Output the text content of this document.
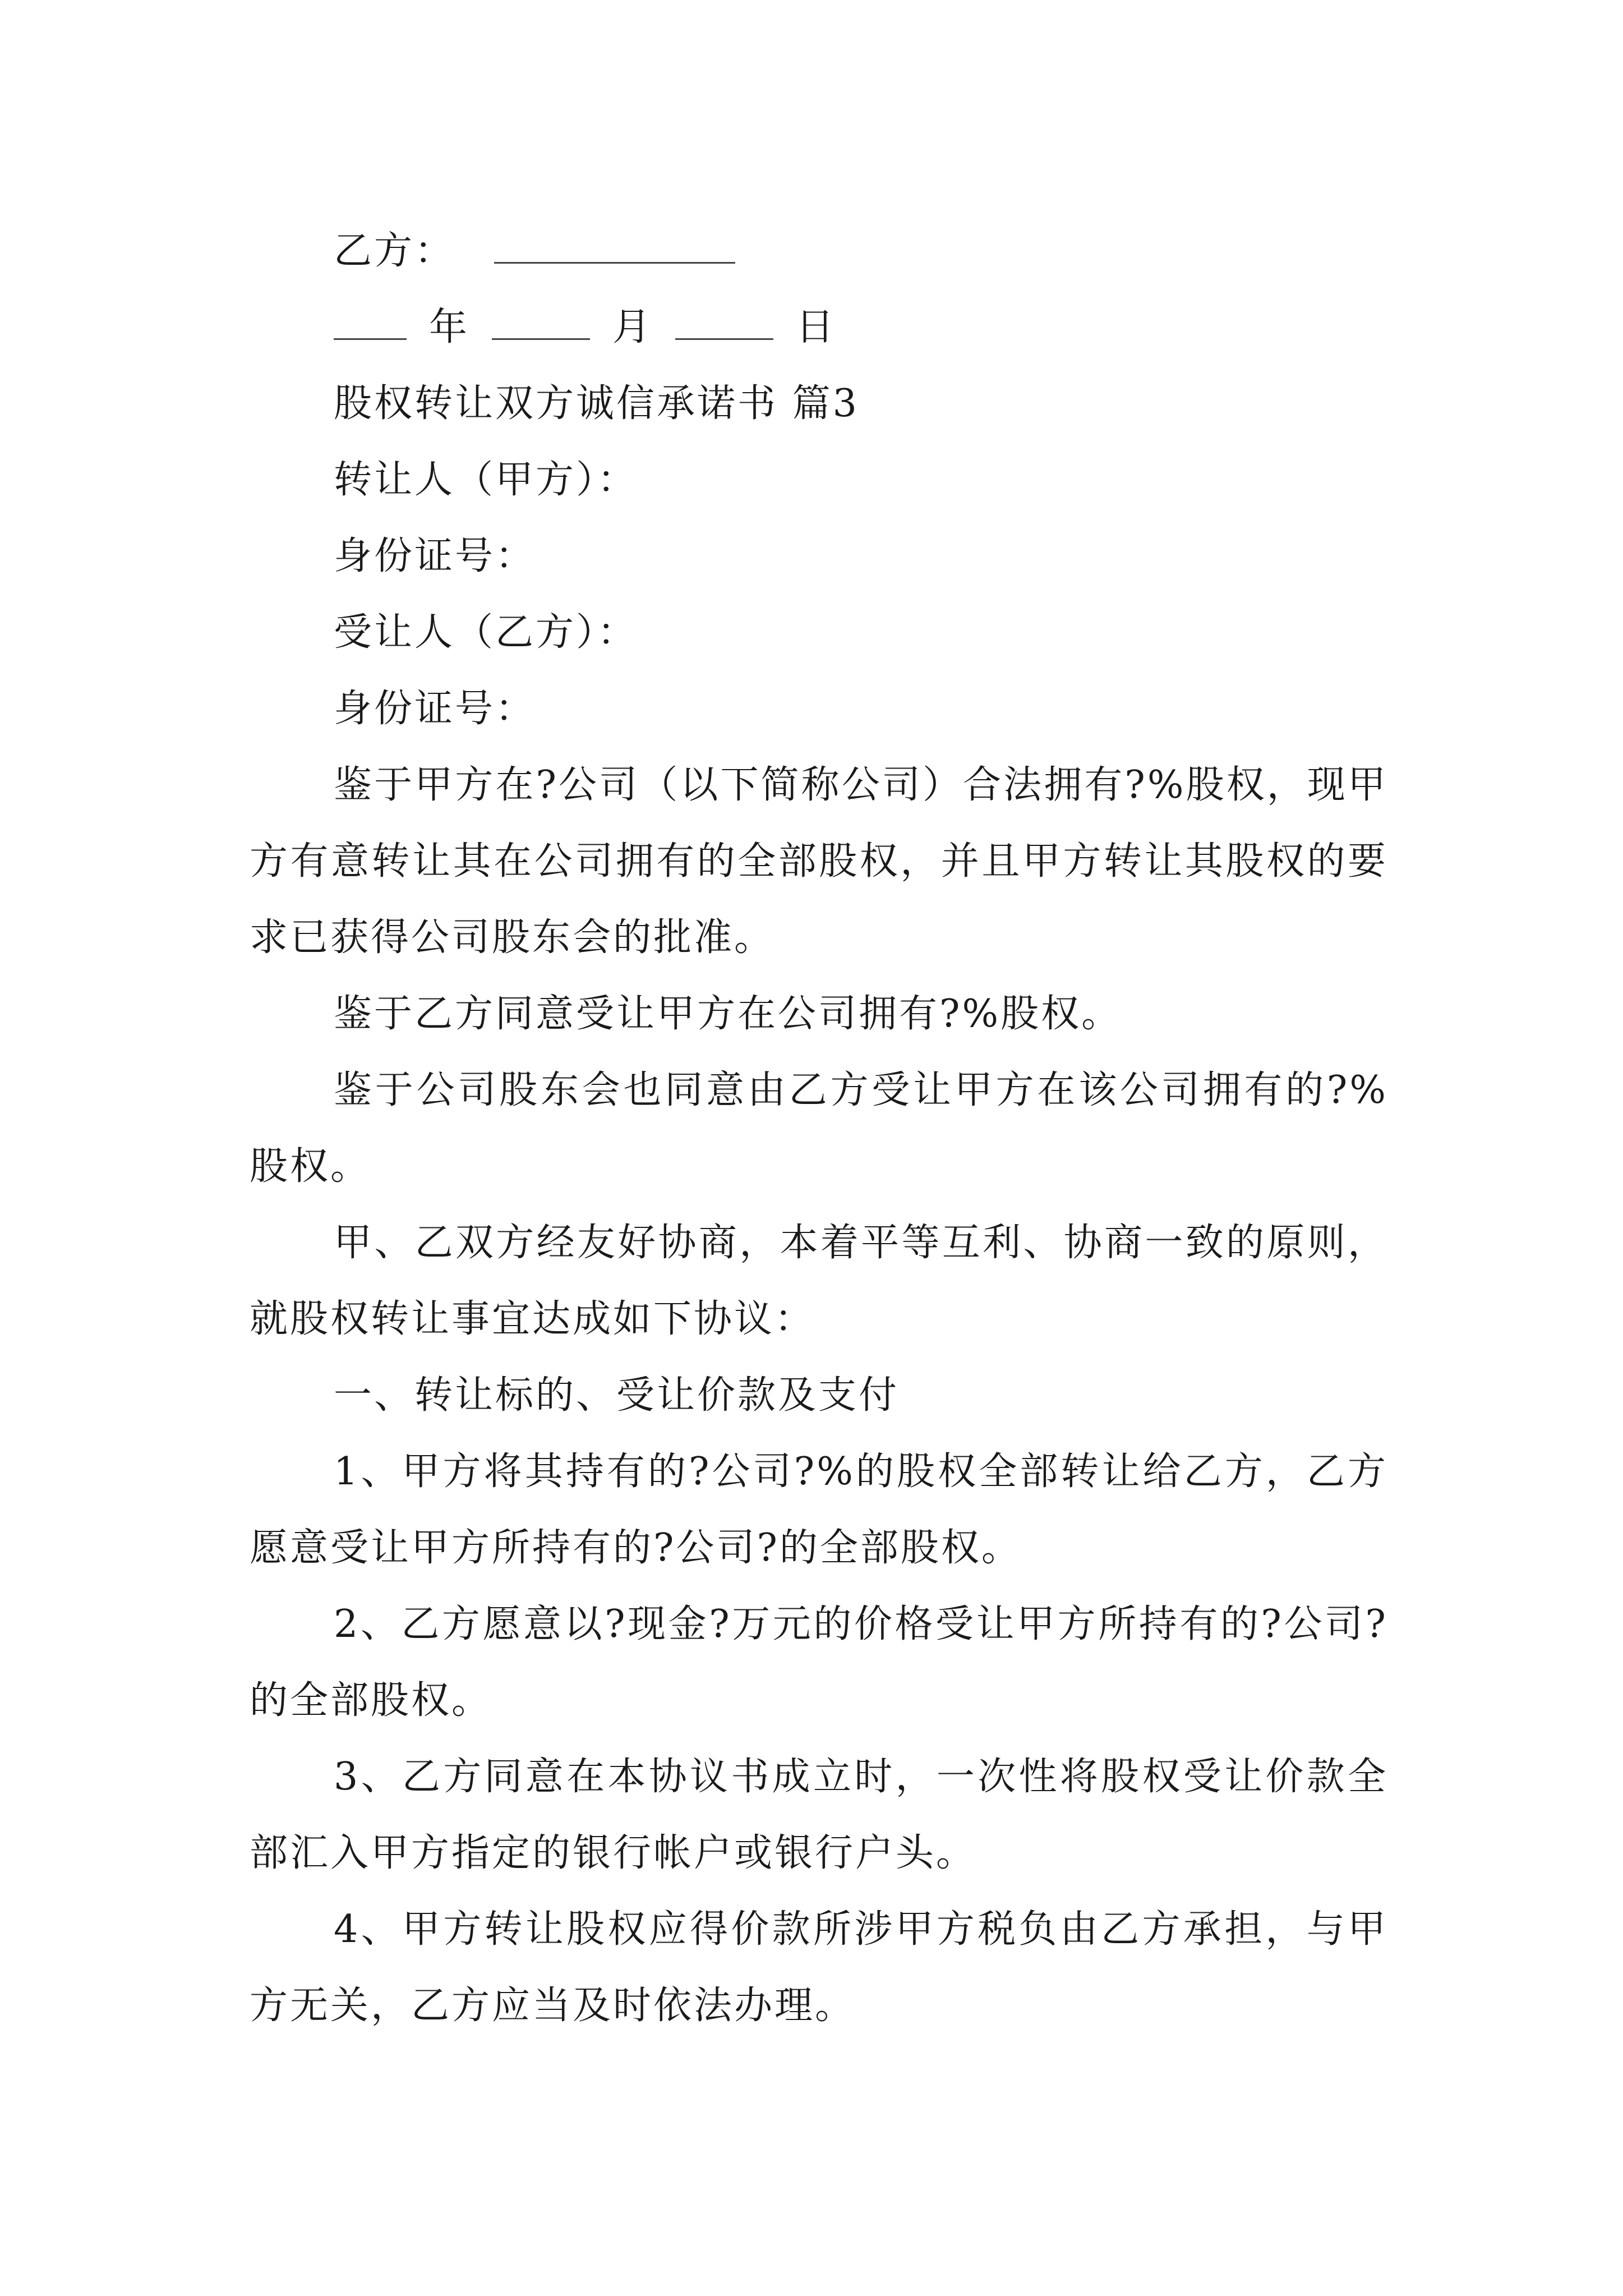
乙方：

年	月	日

股权转让双方诚信承诺书 篇3

转让人（甲方）：

身份证号：

受让人（乙方）：

身份证号：

鉴于甲方在?公司（以下简称公司）合法拥有?%股权，现甲方有意转让其在公司拥有的全部股权，并且甲方转让其股权的要求已获得公司股东会的批准。

鉴于乙方同意受让甲方在公司拥有?%股权。

鉴于公司股东会也同意由乙方受让甲方在该公司拥有的?%股权。

甲、乙双方经友好协商，本着平等互利、协商一致的原则，就股权转让事宜达成如下协议：

一、转让标的、受让价款及支付

1、甲方将其持有的?公司?%的股权全部转让给乙方，乙方愿意受让甲方所持有的?公司?的全部股权。

2、乙方愿意以?现金?万元的价格受让甲方所持有的?公司?的全部股权。

3、乙方同意在本协议书成立时，一次性将股权受让价款全部汇入甲方指定的银行帐户或银行户头。

4、甲方转让股权应得价款所涉甲方税负由乙方承担，与甲方无关，乙方应当及时依法办理。
